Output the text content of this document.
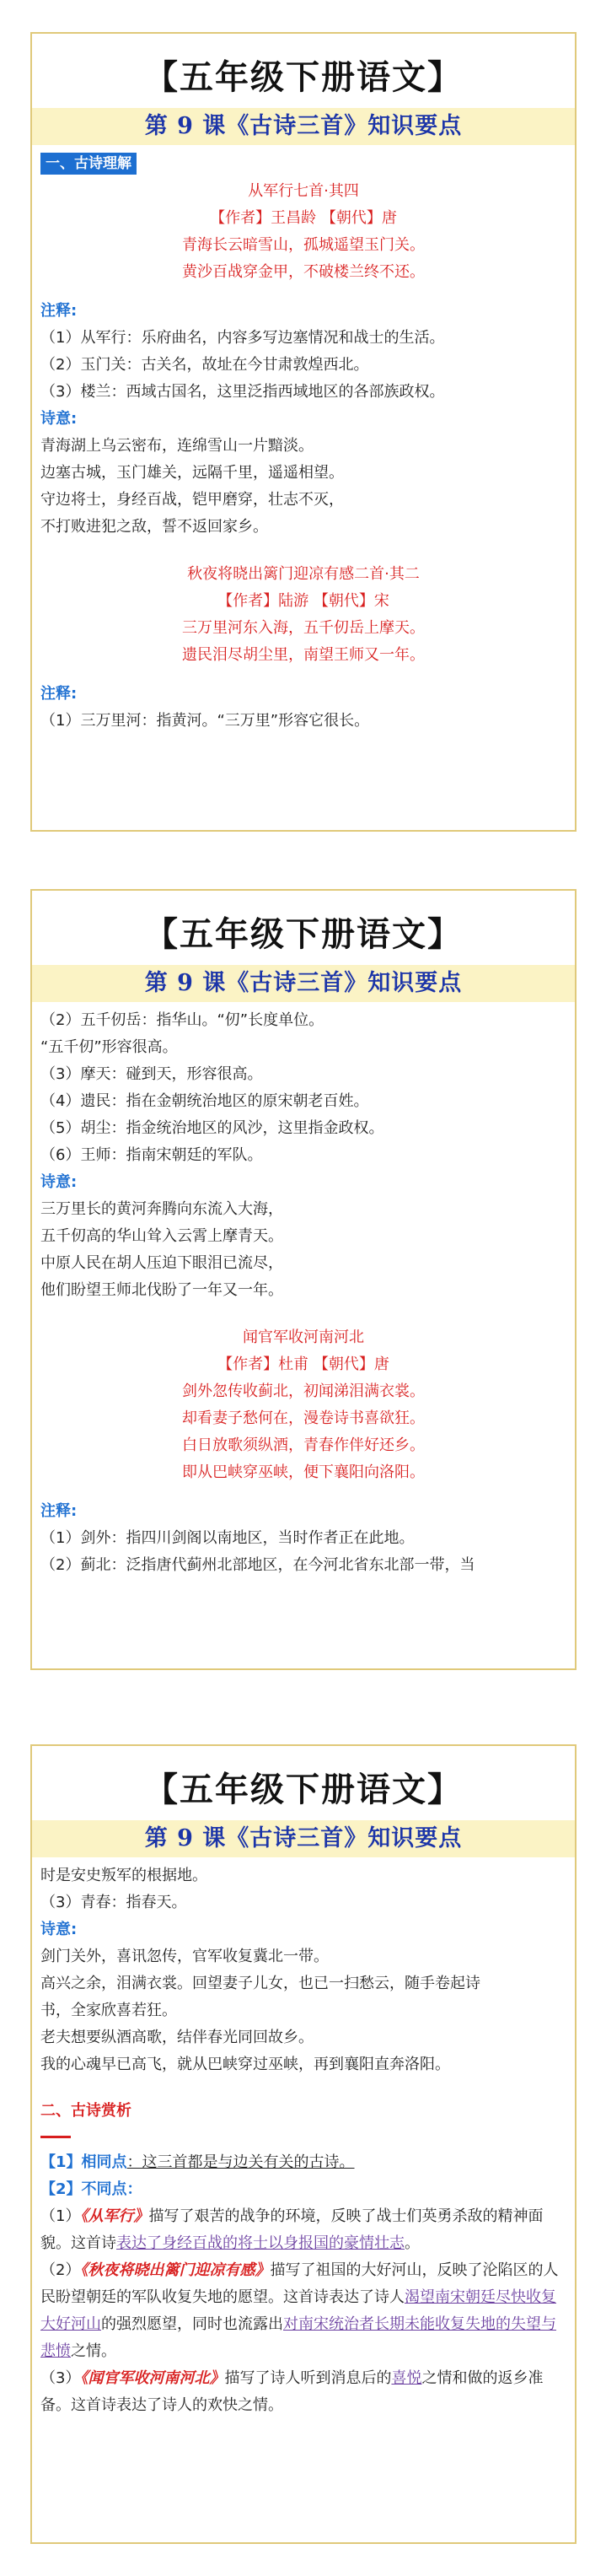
【五年级下册语文】
第 9 课《古诗三首》知识要点
一、古诗理解
从军行七首·其四
【作者】王昌龄 【朝代】唐
青海长云暗雪山，孤城遥望玉门关。
黄沙百战穿金甲，不破楼兰终不还。
注释:
（1）从军行：乐府曲名，内容多写边塞情况和战士的生活。
（2）玉门关：古关名，故址在今甘肃敦煌西北。
（3）楼兰：西域古国名，这里泛指西域地区的各部族政权。
诗意:
青海湖上乌云密布，连绵雪山一片黯淡。
边塞古城，玉门雄关，远隔千里，遥遥相望。
守边将士，身经百战，铠甲磨穿，壮志不灭，
不打败进犯之敌，誓不返回家乡。
秋夜将晓出篱门迎凉有感二首·其二
【作者】陆游 【朝代】宋
三万里河东入海，五千仞岳上摩天。
遗民泪尽胡尘里，南望王师又一年。
注释:
（1）三万里河：指黄河。“三万里”形容它很长。
【五年级下册语文】
第 9 课《古诗三首》知识要点
（2）五千仞岳：指华山。“仞”长度单位。
“五千仞”形容很高。
（3）摩天：碰到天，形容很高。
（4）遗民：指在金朝统治地区的原宋朝老百姓。
（5）胡尘：指金统治地区的风沙，这里指金政权。
（6）王师：指南宋朝廷的军队。
诗意:
三万里长的黄河奔腾向东流入大海，
五千仞高的华山耸入云霄上摩青天。
中原人民在胡人压迫下眼泪已流尽，
他们盼望王师北伐盼了一年又一年。
闻官军收河南河北
【作者】杜甫 【朝代】唐
剑外忽传收蓟北，初闻涕泪满衣裳。
却看妻子愁何在，漫卷诗书喜欲狂。
白日放歌须纵酒，青春作伴好还乡。
即从巴峡穿巫峡，便下襄阳向洛阳。
注释:
（1）剑外：指四川剑阁以南地区，当时作者正在此地。
（2）蓟北：泛指唐代蓟州北部地区，在今河北省东北部一带，当
【五年级下册语文】
第 9 课《古诗三首》知识要点
时是安史叛军的根据地。
（3）青春：指春天。
诗意:
剑门关外，喜讯忽传，官军收复冀北一带。
高兴之余，泪满衣裳。回望妻子儿女，也已一扫愁云，随手卷起诗
书，全家欣喜若狂。
老夫想要纵酒高歌，结伴春光同回故乡。
我的心魂早已高飞，就从巴峡穿过巫峡，再到襄阳直奔洛阳。
二、古诗赏析
【1】相同点：这三首都是与边关有关的古诗。
【2】不同点：
（1）《从军行》描写了艰苦的战争的环境，反映了战士们英勇杀敌的精神面貌。这首诗表达了身经百战的将士以身报国的豪情壮志。
（2）《秋夜将晓出篱门迎凉有感》描写了祖国的大好河山，反映了沦陷区的人民盼望朝廷的军队收复失地的愿望。这首诗表达了诗人渴望南宋朝廷尽快收复大好河山的强烈愿望，同时也流露出对南宋统治者长期未能收复失地的失望与悲愤之情。
（3）《闻官军收河南河北》描写了诗人听到消息后的喜悦之情和做的返乡准备。这首诗表达了诗人的欢快之情。
